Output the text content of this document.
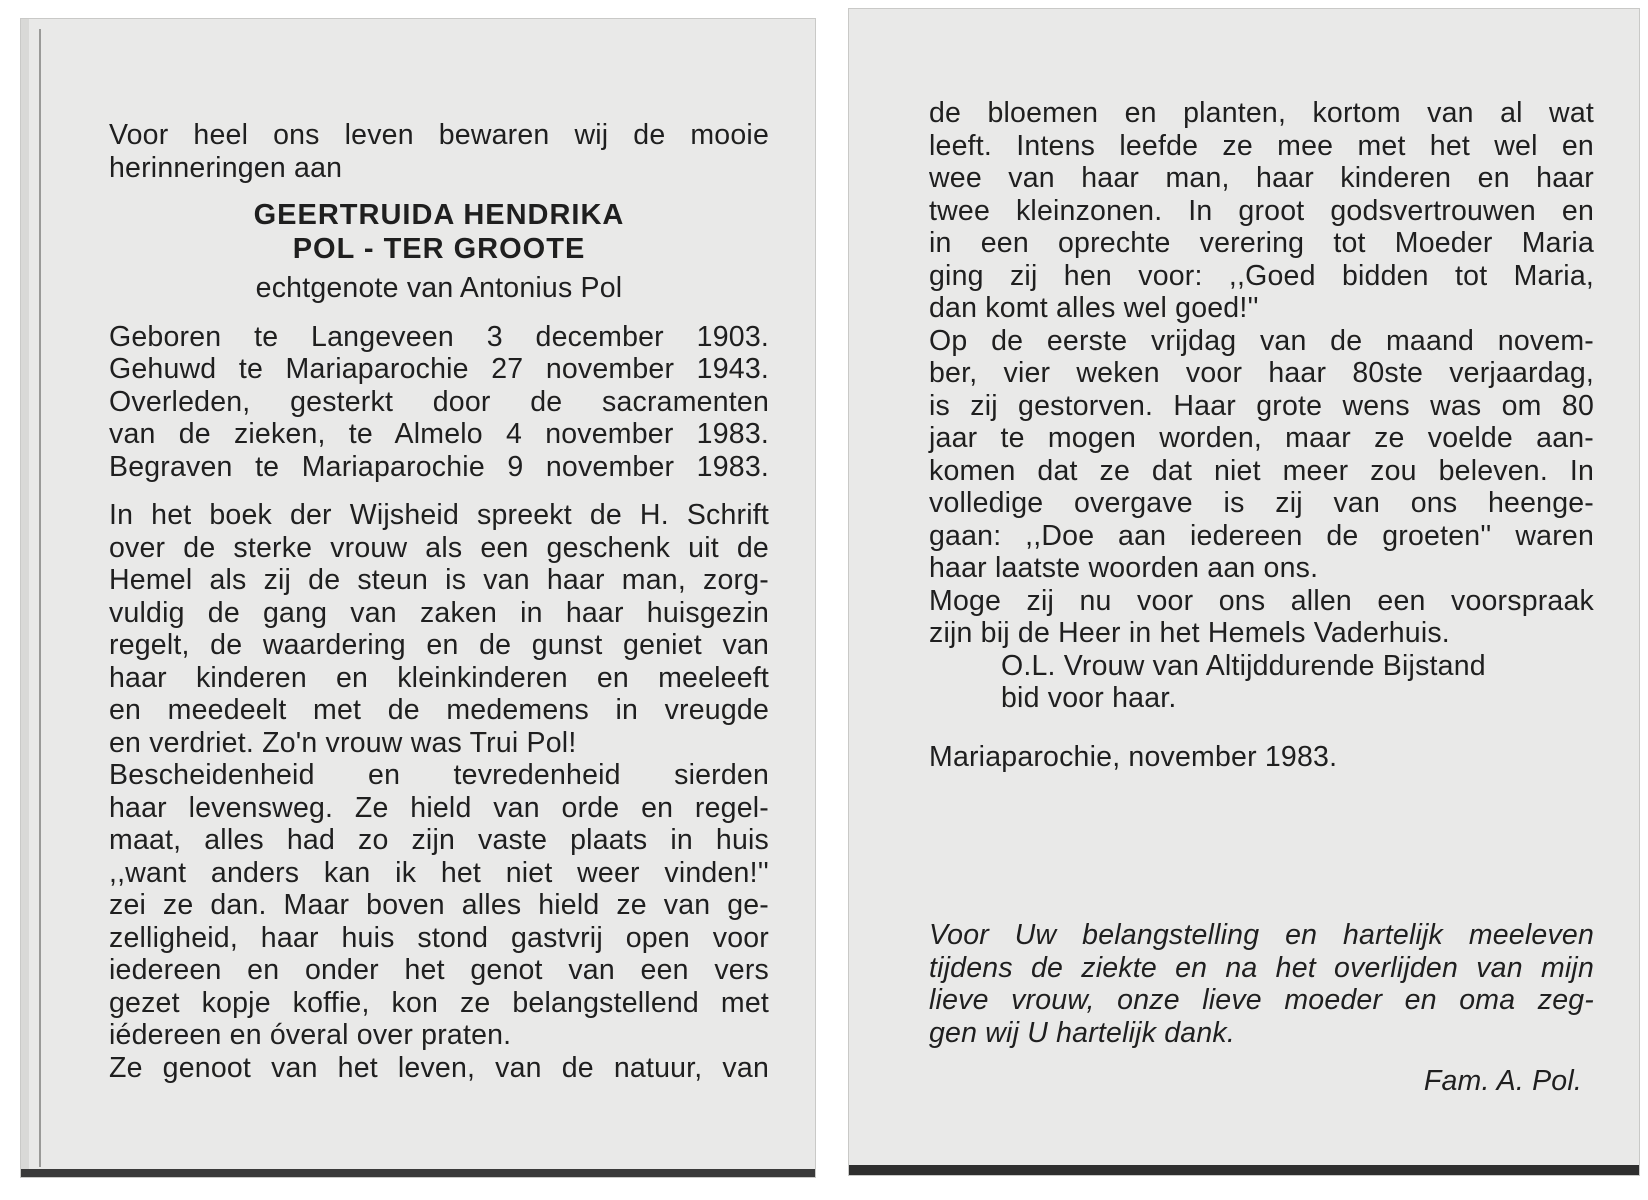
Voor heel ons leven bewaren wij de mooie
herinneringen aan
GEERTRUIDA HENDRIKA
POL - TER GROOTE
echtgenote van Antonius Pol
Geboren te Langeveen 3 december 1903.
Gehuwd te Mariaparochie 27 november 1943.
Overleden, gesterkt door de sacramenten
van de zieken, te Almelo 4 november 1983.
Begraven te Mariaparochie 9 november 1983.
In het boek der Wijsheid spreekt de H. Schrift
over de sterke vrouw als een geschenk uit de
Hemel als zij de steun is van haar man, zorg-
vuldig de gang van zaken in haar huisgezin
regelt, de waardering en de gunst geniet van
haar kinderen en kleinkinderen en meeleeft
en meedeelt met de medemens in vreugde
en verdriet. Zo'n vrouw was Trui Pol!
Bescheidenheid en tevredenheid sierden
haar levensweg. Ze hield van orde en regel-
maat, alles had zo zijn vaste plaats in huis
,,want anders kan ik het niet weer vinden!''
zei ze dan. Maar boven alles hield ze van ge-
zelligheid, haar huis stond gastvrij open voor
iedereen en onder het genot van een vers
gezet kopje koffie, kon ze belangstellend met
iédereen en óveral over praten.
Ze genoot van het leven, van de natuur, van
de bloemen en planten, kortom van al wat
leeft. Intens leefde ze mee met het wel en
wee van haar man, haar kinderen en haar
twee kleinzonen. In groot godsvertrouwen en
in een oprechte verering tot Moeder Maria
ging zij hen voor: ,,Goed bidden tot Maria,
dan komt alles wel goed!''
Op de eerste vrijdag van de maand novem-
ber, vier weken voor haar 80ste verjaardag,
is zij gestorven. Haar grote wens was om 80
jaar te mogen worden, maar ze voelde aan-
komen dat ze dat niet meer zou beleven. In
volledige overgave is zij van ons heenge-
gaan: ,,Doe aan iedereen de groeten'' waren
haar laatste woorden aan ons.
Moge zij nu voor ons allen een voorspraak
zijn bij de Heer in het Hemels Vaderhuis.
O.L. Vrouw van Altijddurende Bijstand
bid voor haar.
Mariaparochie, november 1983.
Voor Uw belangstelling en hartelijk meeleven
tijdens de ziekte en na het overlijden van mijn
lieve vrouw, onze lieve moeder en oma zeg-
gen wij U hartelijk dank.
Fam. A. Pol.
